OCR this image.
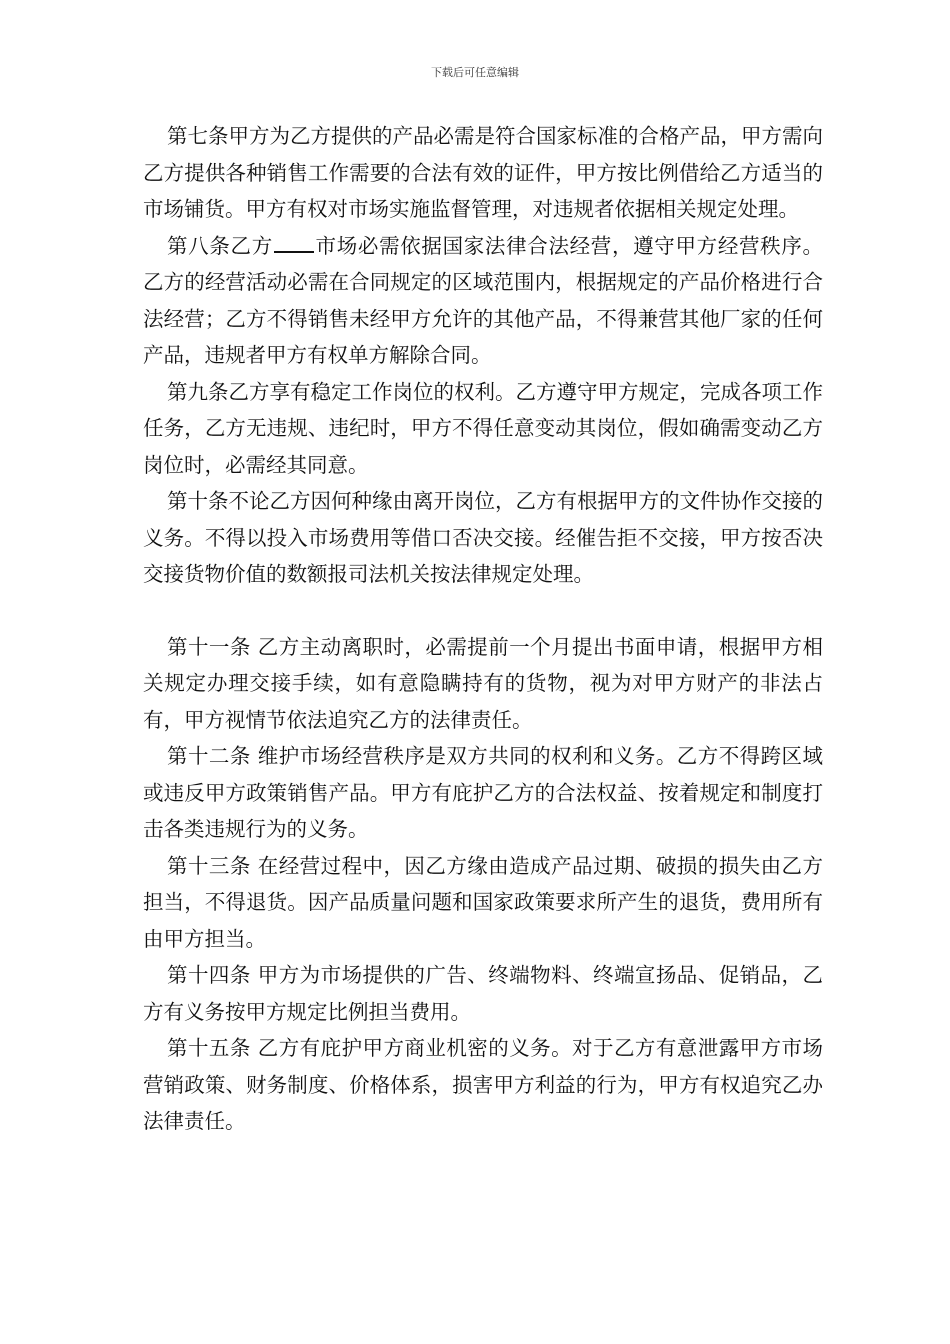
下载后可任意编辑

第七条甲方为乙方提供的产品必需是符合国家标准的合格产品，甲方需向乙方提供各种销售工作需要的合法有效的证件，甲方按比例借给乙方适当的市场铺货。甲方有权对市场实施监督管理，对违规者依据相关规定处理。

第八条乙方 市场必需依据国家法律合法经营，遵守甲方经营秩序。乙方的经营活动必需在合同规定的区域范围内，根据规定的产品价格进行合法经营；乙方不得销售未经甲方允许的其他产品，不得兼营其他厂家的任何产品，违规者甲方有权单方解除合同。

第九条乙方享有稳定工作岗位的权利。乙方遵守甲方规定，完成各项工作任务，乙方无违规、违纪时，甲方不得任意变动其岗位，假如确需变动乙方岗位时，必需经其同意。

第十条不论乙方因何种缘由离开岗位，乙方有根据甲方的文件协作交接的义务。不得以投入市场费用等借口否决交接。经催告拒不交接，甲方按否决交接货物价值的数额报司法机关按法律规定处理。

第十一条 乙方主动离职时，必需提前一个月提出书面申请，根据甲方相关规定办理交接手续，如有意隐瞒持有的货物，视为对甲方财产的非法占有，甲方视情节依法追究乙方的法律责任。

第十二条 维护市场经营秩序是双方共同的权利和义务。乙方不得跨区域或违反甲方政策销售产品。甲方有庇护乙方的合法权益、按着规定和制度打击各类违规行为的义务。

第十三条 在经营过程中，因乙方缘由造成产品过期、破损的损失由乙方担当，不得退货。因产品质量问题和国家政策要求所产生的退货，费用所有由甲方担当。

第十四条 甲方为市场提供的广告、终端物料、终端宣扬品、促销品，乙方有义务按甲方规定比例担当费用。

第十五条 乙方有庇护甲方商业机密的义务。对于乙方有意泄露甲方市场营销政策、财务制度、价格体系，损害甲方利益的行为，甲方有权追究乙办法律责任。
